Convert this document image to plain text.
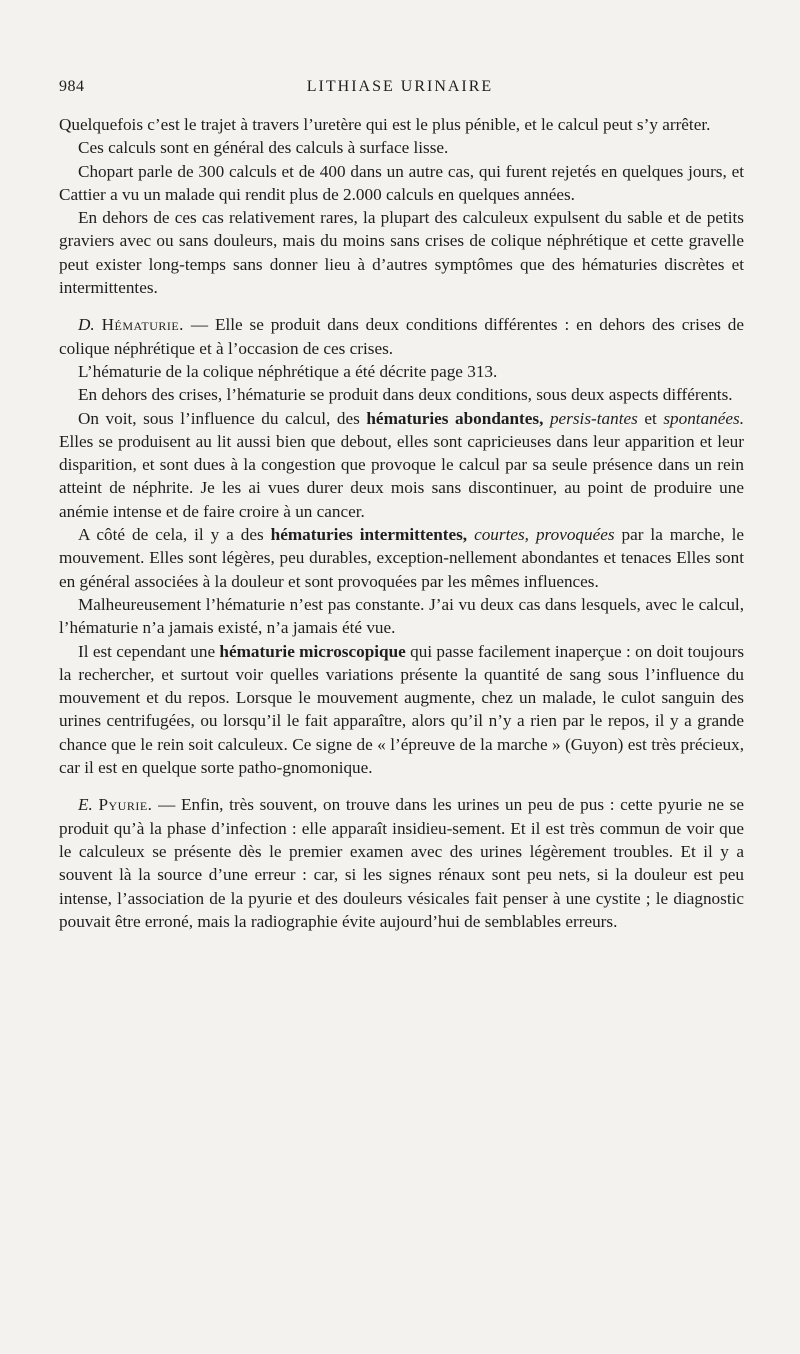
984	LITHIASE URINAIRE

Quelquefois c’est le trajet à travers l’uretère qui est le plus pénible, et le calcul peut s’y arrêter.

Ces calculs sont en général des calculs à surface lisse.

Chopart parle de 300 calculs et de 400 dans un autre cas, qui furent rejetés en quelques jours, et Cattier a vu un malade qui rendit plus de 2.000 calculs en quelques années.

En dehors de ces cas relativement rares, la plupart des calculeux expulsent du sable et de petits graviers avec ou sans douleurs, mais du moins sans crises de colique néphrétique et cette gravelle peut exister long-temps sans donner lieu à d’autres symptômes que des hématuries discrètes et intermittentes.

D. Hématurie. — Elle se produit dans deux conditions différentes : en dehors des crises de colique néphrétique et à l’occasion de ces crises.

L’hématurie de la colique néphrétique a été décrite page 313.

En dehors des crises, l’hématurie se produit dans deux conditions, sous deux aspects différents.

On voit, sous l’influence du calcul, des hématuries abondantes, persis-tantes et spontanées. Elles se produisent au lit aussi bien que debout, elles sont capricieuses dans leur apparition et leur disparition, et sont dues à la congestion que provoque le calcul par sa seule présence dans un rein atteint de néphrite. Je les ai vues durer deux mois sans discontinuer, au point de produire une anémie intense et de faire croire à un cancer.

A côté de cela, il y a des hématuries intermittentes, courtes, provoquées par la marche, le mouvement. Elles sont légères, peu durables, exception-nellement abondantes et tenaces Elles sont en général associées à la douleur et sont provoquées par les mêmes influences.

Malheureusement l’hématurie n’est pas constante. J’ai vu deux cas dans lesquels, avec le calcul, l’hématurie n’a jamais existé, n’a jamais été vue.

Il est cependant une hématurie microscopique qui passe facilement inaperçue : on doit toujours la rechercher, et surtout voir quelles variations présente la quantité de sang sous l’influence du mouvement et du repos. Lorsque le mouvement augmente, chez un malade, le culot sanguin des urines centrifugées, ou lorsqu’il le fait apparaître, alors qu’il n’y a rien par le repos, il y a grande chance que le rein soit calculeux. Ce signe de « l’épreuve de la marche » (Guyon) est très précieux, car il est en quelque sorte patho-gnomonique.

E. Pyurie. — Enfin, très souvent, on trouve dans les urines un peu de pus : cette pyurie ne se produit qu’à la phase d’infection : elle apparaît insidieu-sement. Et il est très commun de voir que le calculeux se présente dès le premier examen avec des urines légèrement troubles. Et il y a souvent là la source d’une erreur : car, si les signes rénaux sont peu nets, si la douleur est peu intense, l’association de la pyurie et des douleurs vésicales fait penser à une cystite ; le diagnostic pouvait être erroné, mais la radiographie évite aujourd’hui de semblables erreurs.
